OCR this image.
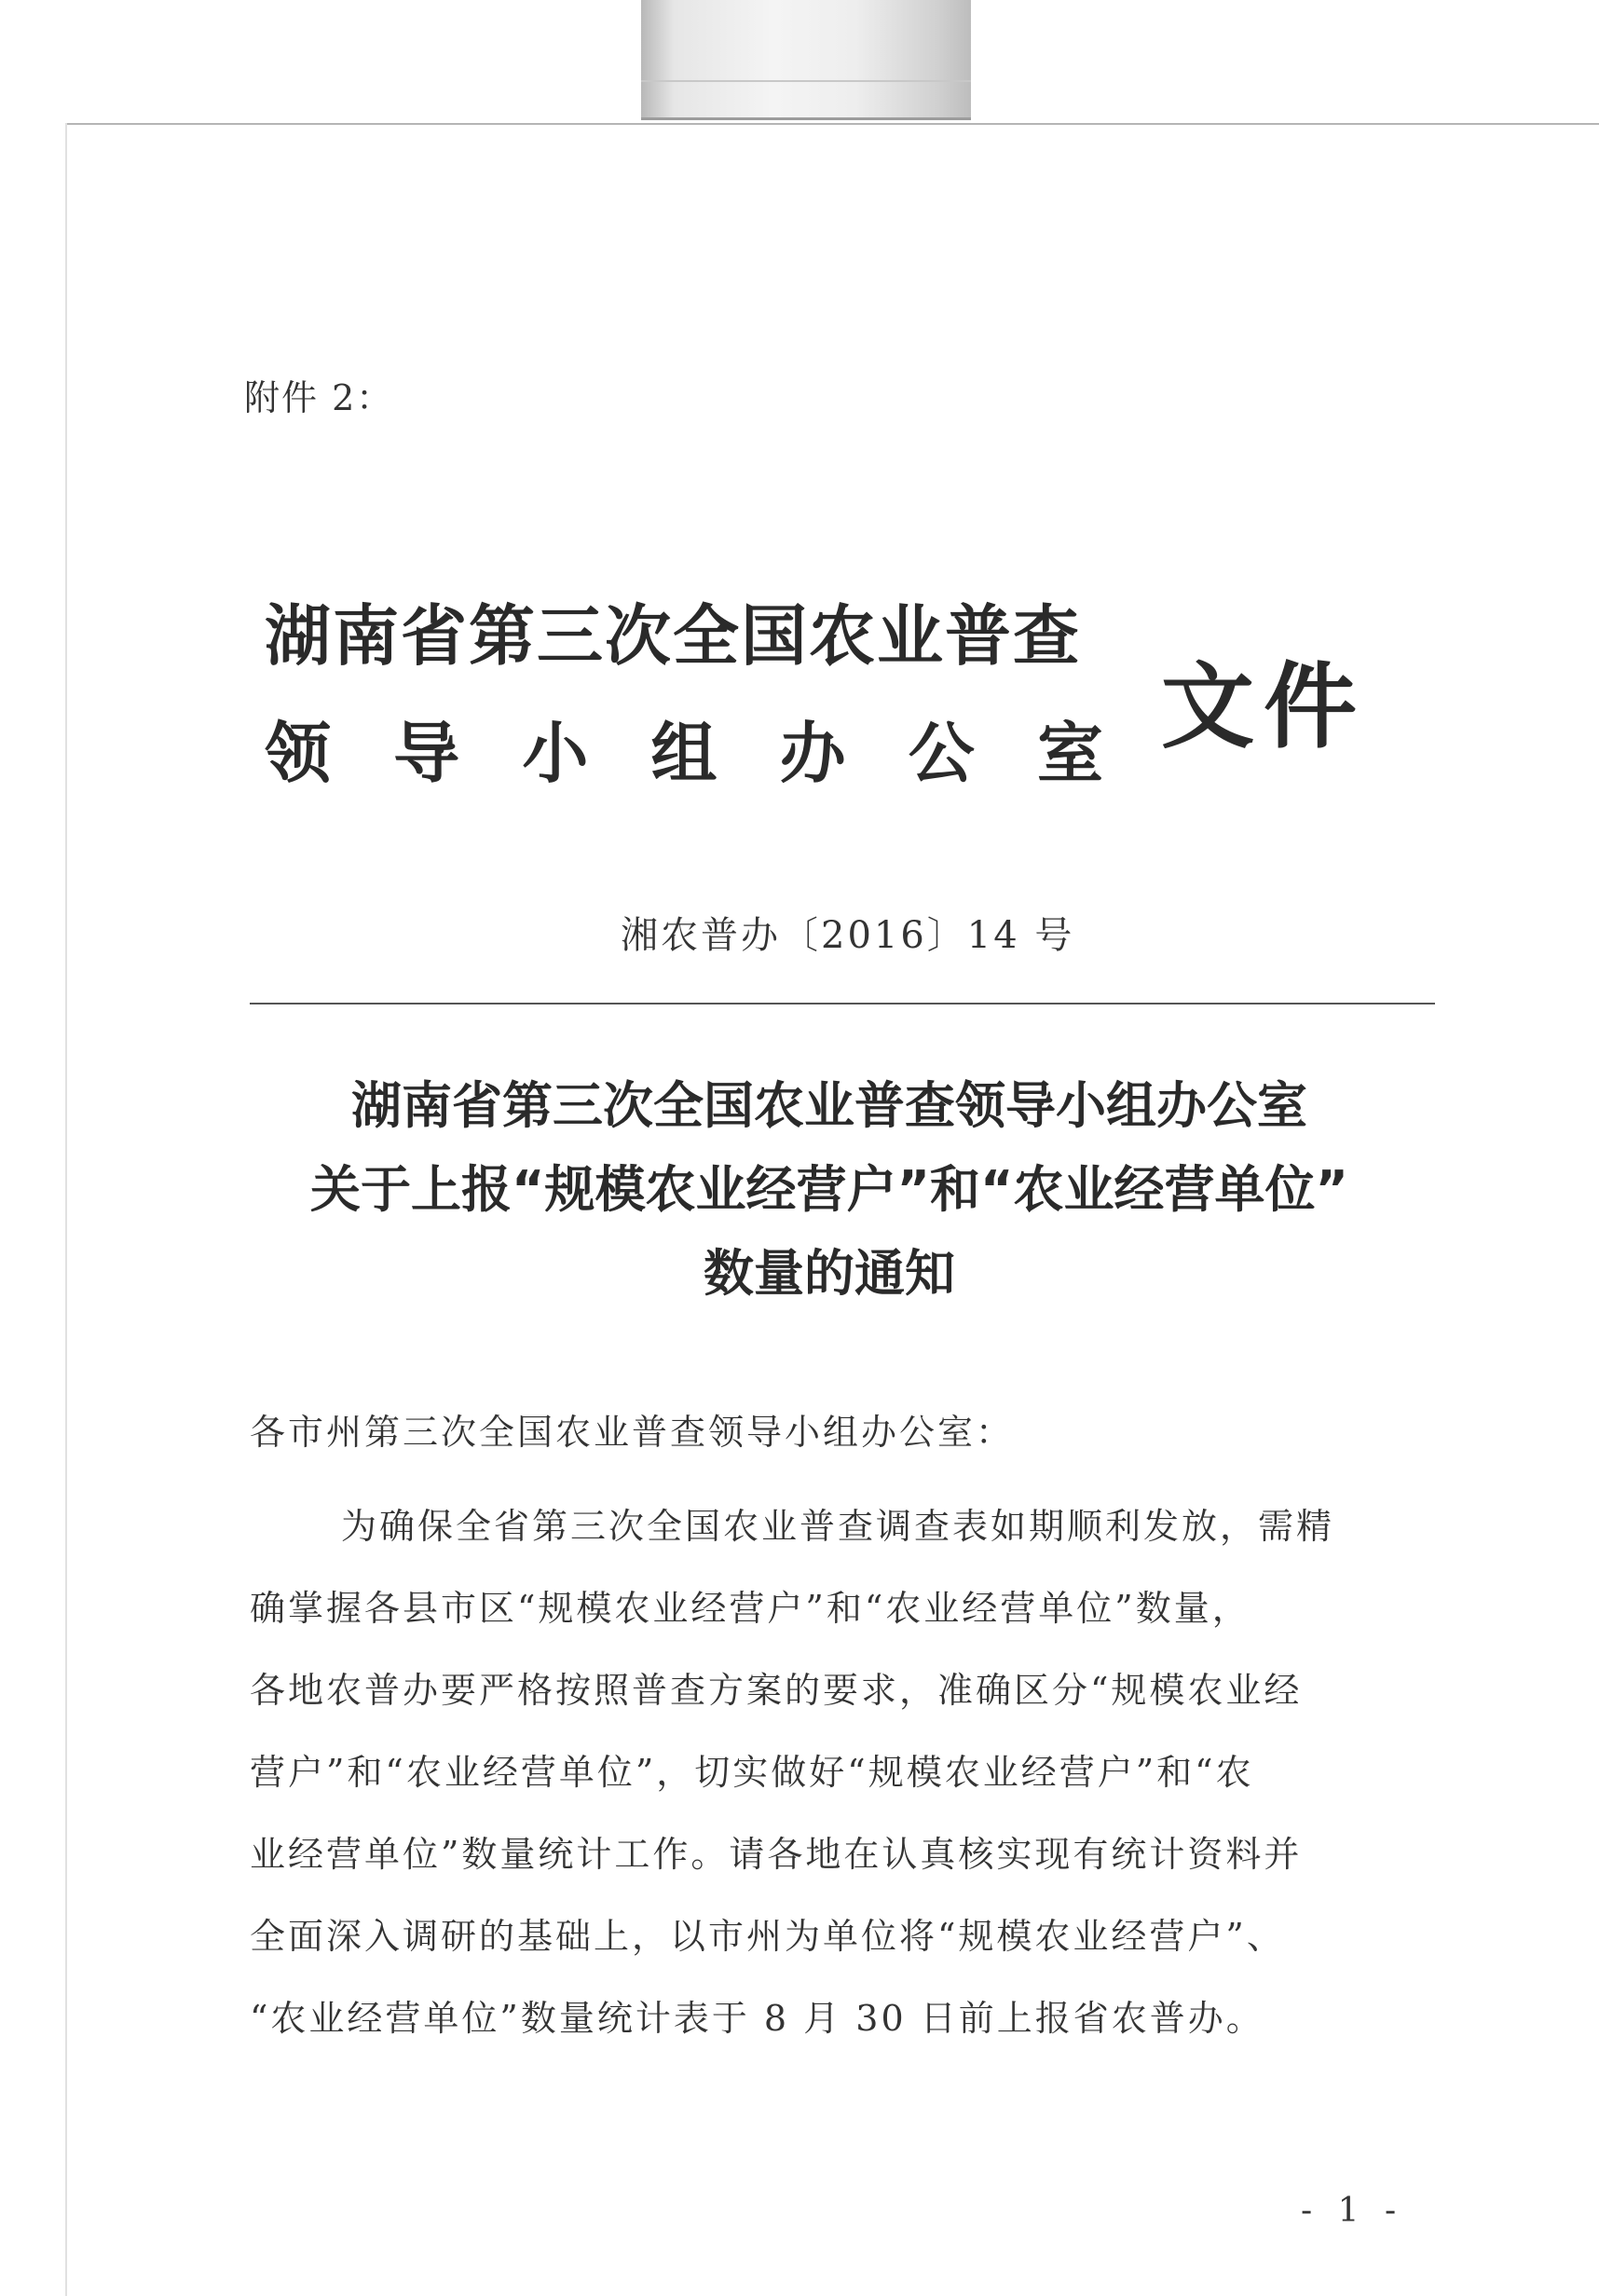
附件 2：
湖南省第三次全国农业普查
领 导 小 组 办 公 室 文件
湘农普办〔2016〕14 号
湖南省第三次全国农业普查领导小组办公室
关于上报“规模农业经营户”和“农业经营单位”
数量的通知
各市州第三次全国农业普查领导小组办公室：
为确保全省第三次全国农业普查调查表如期顺利发放，需精
确掌握各县市区“规模农业经营户”和“农业经营单位”数量，
各地农普办要严格按照普查方案的要求，准确区分“规模农业经
营户”和“农业经营单位”，切实做好“规模农业经营户”和“农
业经营单位”数量统计工作。请各地在认真核实现有统计资料并
全面深入调研的基础上，以市州为单位将“规模农业经营户”、
“农业经营单位”数量统计表于 8 月 30 日前上报省农普办。
- 1 -
